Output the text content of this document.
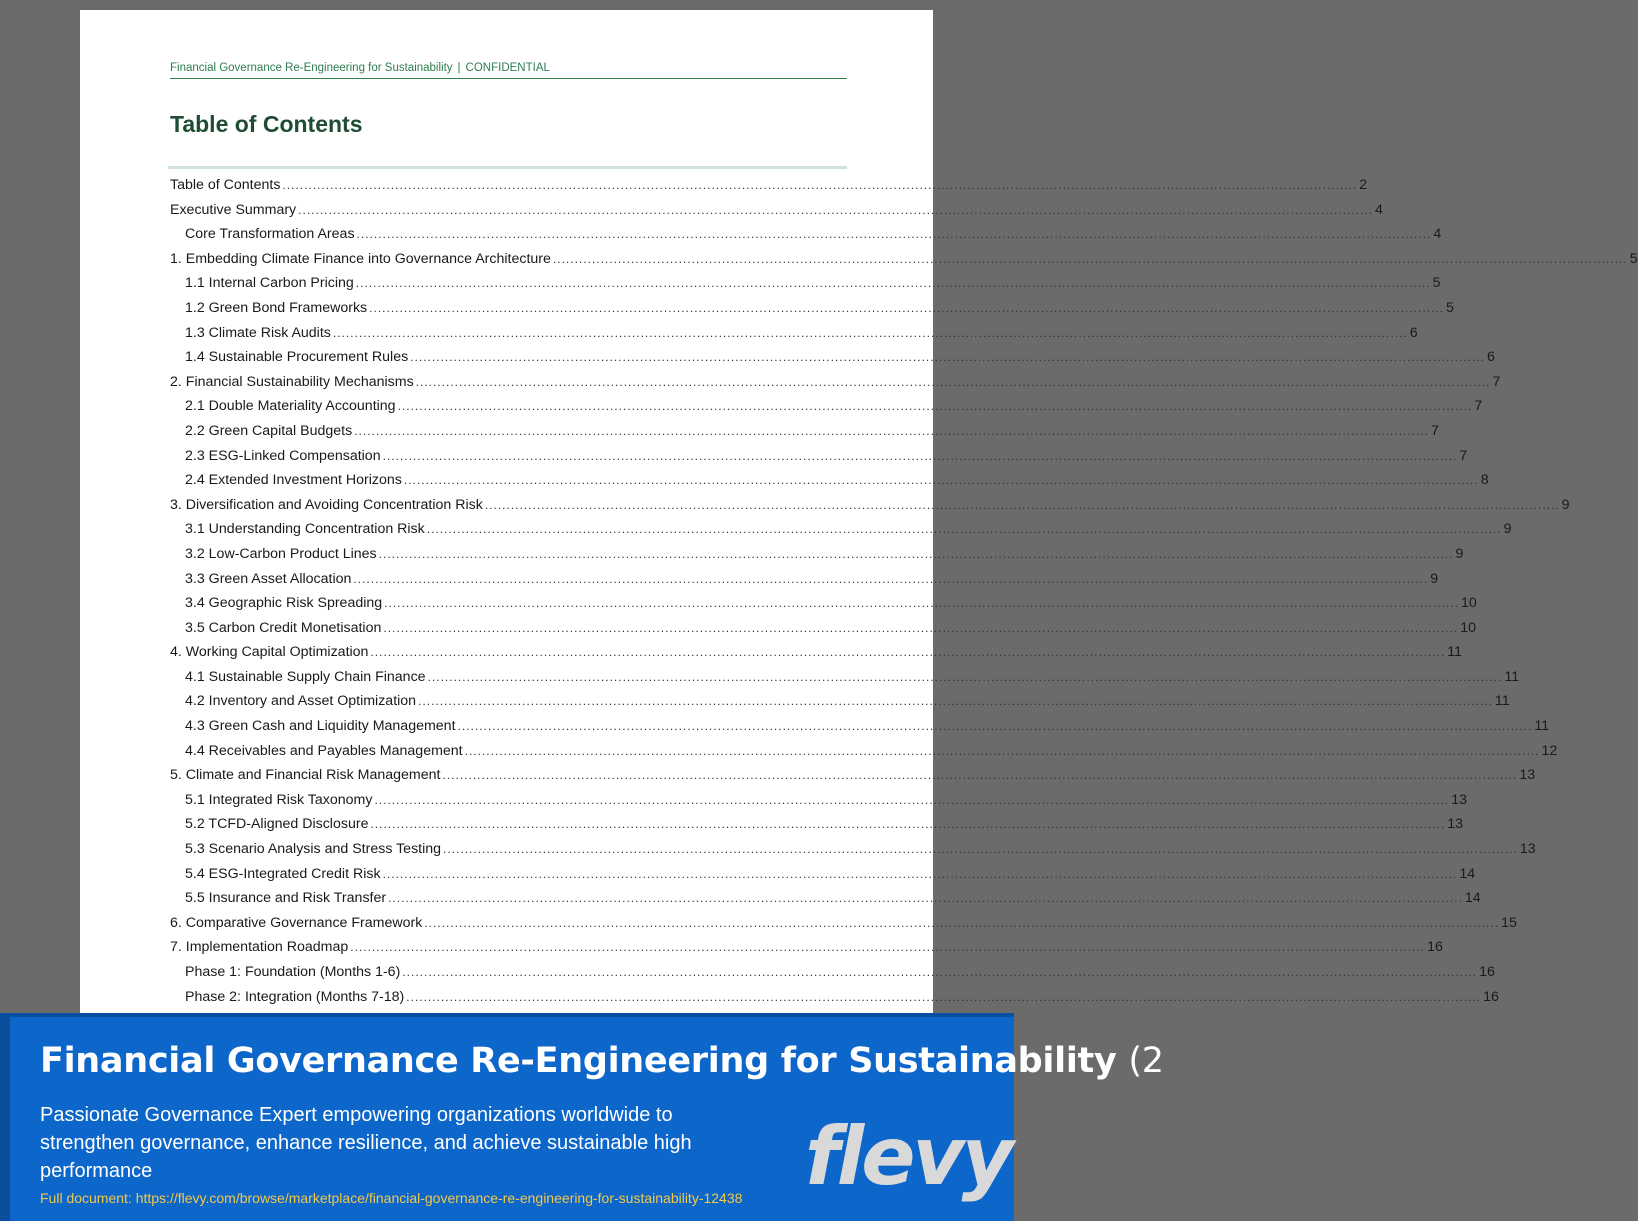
Financial Governance Re-Engineering for Sustainability | CONFIDENTIAL
Table of Contents
Table of Contents .....	2
Executive Summary .....	4
Core Transformation Areas .....	4
1. Embedding Climate Finance into Governance Architecture .....	5
1.1 Internal Carbon Pricing .....	5
1.2 Green Bond Frameworks .....	5
1.3 Climate Risk Audits .....	6
1.4 Sustainable Procurement Rules .....	6
2. Financial Sustainability Mechanisms .....	7
2.1 Double Materiality Accounting .....	7
2.2 Green Capital Budgets .....	7
2.3 ESG-Linked Compensation .....	7
2.4 Extended Investment Horizons .....	8
3. Diversification and Avoiding Concentration Risk .....	9
3.1 Understanding Concentration Risk .....	9
3.2 Low-Carbon Product Lines .....	9
3.3 Green Asset Allocation .....	9
3.4 Geographic Risk Spreading .....	10
3.5 Carbon Credit Monetisation .....	10
4. Working Capital Optimization .....	11
4.1 Sustainable Supply Chain Finance .....	11
4.2 Inventory and Asset Optimization .....	11
4.3 Green Cash and Liquidity Management .....	11
4.4 Receivables and Payables Management .....	12
5. Climate and Financial Risk Management .....	13
5.1 Integrated Risk Taxonomy .....	13
5.2 TCFD-Aligned Disclosure .....	13
5.3 Scenario Analysis and Stress Testing .....	13
5.4 ESG-Integrated Credit Risk .....	14
5.5 Insurance and Risk Transfer .....	14
6. Comparative Governance Framework .....	15
7. Implementation Roadmap .....	16
Phase 1: Foundation (Months 1-6) .....	16
Phase 2: Integration (Months 7-18) .....	16
Financial Governance Re-Engineering for Sustainability (2
Passionate Governance Expert empowering organizations worldwide to strengthen governance, enhance resilience, and achieve sustainable high performance
Full document: https://flevy.com/browse/marketplace/financial-governance-re-engineering-for-sustainability-12438 flevy
